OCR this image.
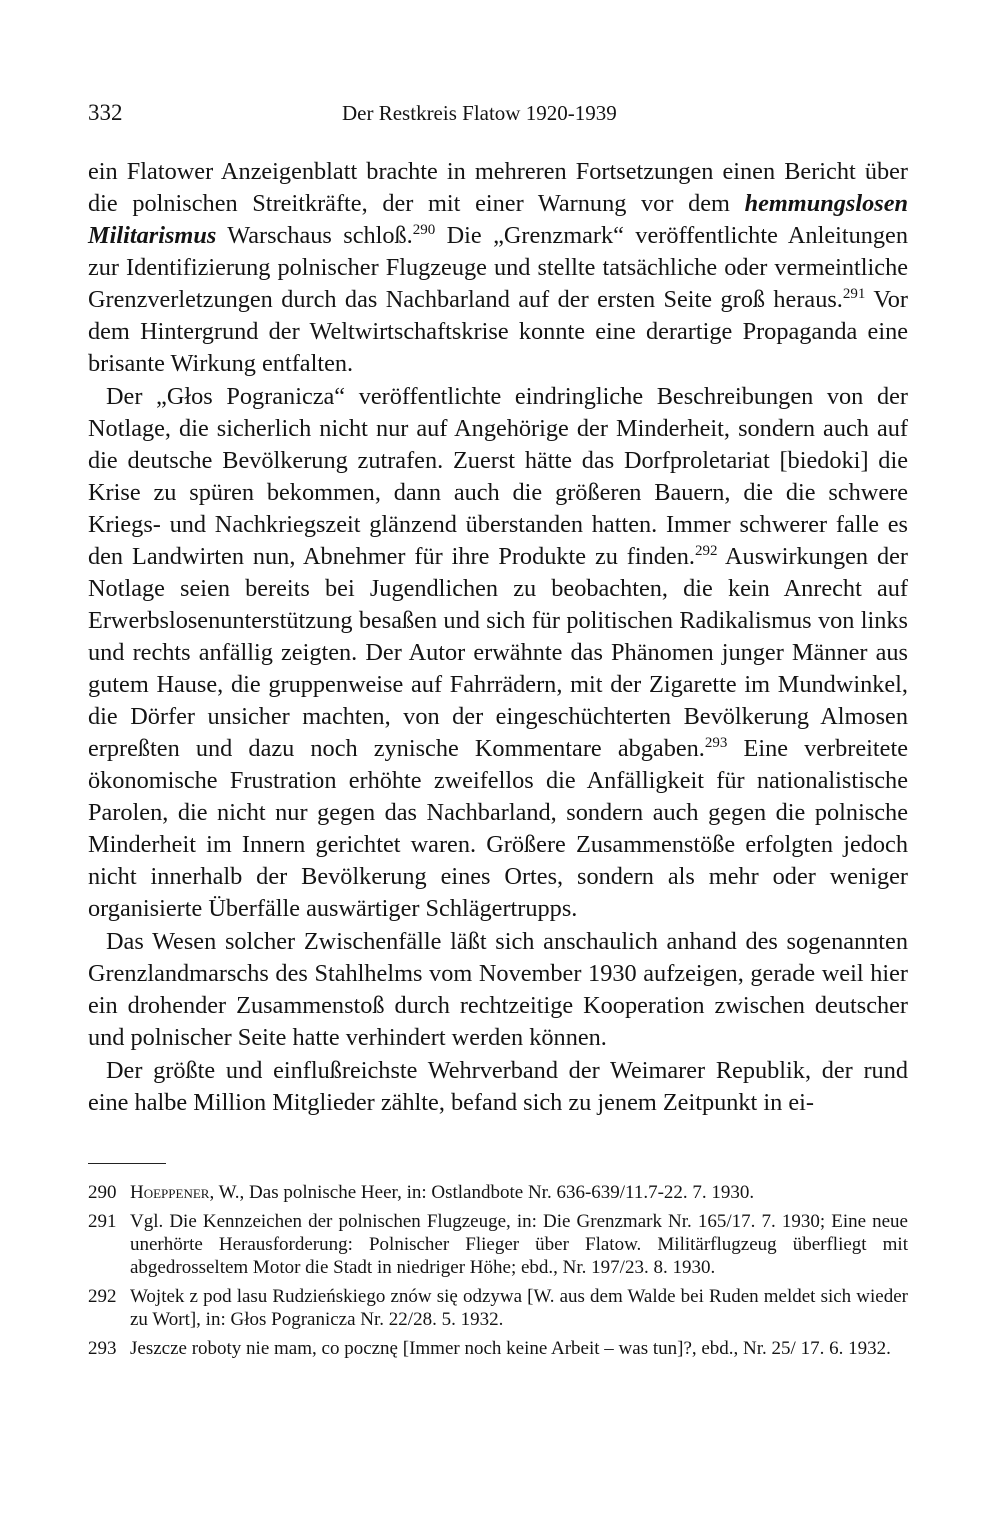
332	Der Restkreis Flatow 1920-1939

ein Flatower Anzeigenblatt brachte in mehreren Fortsetzungen einen Bericht über die polnischen Streitkräfte, der mit einer Warnung vor dem hemmungslosen Militarismus Warschaus schloß.$^{290}$ Die „Grenzmark“ veröffentlichte Anleitungen zur Identifizierung polnischer Flugzeuge und stellte tatsächliche oder vermeintliche Grenzverletzungen durch das Nachbarland auf der ersten Seite groß heraus.$^{291}$ Vor dem Hintergrund der Weltwirtschaftskrise konnte eine derartige Propaganda eine brisante Wirkung entfalten.

Der „Głos Pogranicza“ veröffentlichte eindringliche Beschreibungen von der Notlage, die sicherlich nicht nur auf Angehörige der Minderheit, sondern auch auf die deutsche Bevölkerung zutrafen. Zuerst hätte das Dorfproletariat [biedoki] die Krise zu spüren bekommen, dann auch die größeren Bauern, die die schwere Kriegs- und Nachkriegszeit glänzend überstanden hatten. Immer schwerer falle es den Landwirten nun, Abnehmer für ihre Produkte zu finden.$^{292}$ Auswirkungen der Notlage seien bereits bei Jugendlichen zu beobachten, die kein Anrecht auf Erwerbslosenunterstützung besaßen und sich für politischen Radikalismus von links und rechts anfällig zeigten. Der Autor erwähnte das Phänomen junger Männer aus gutem Hause, die gruppenweise auf Fahrrädern, mit der Zigarette im Mundwinkel, die Dörfer unsicher machten, von der eingeschüchterten Bevölkerung Almosen erpreßten und dazu noch zynische Kommentare abgaben.$^{293}$ Eine verbreitete ökonomische Frustration erhöhte zweifellos die Anfälligkeit für nationalistische Parolen, die nicht nur gegen das Nachbarland, sondern auch gegen die polnische Minderheit im Innern gerichtet waren. Größere Zusammenstöße erfolgten jedoch nicht innerhalb der Bevölkerung eines Ortes, sondern als mehr oder weniger organisierte Überfälle auswärtiger Schlägertrupps.

Das Wesen solcher Zwischenfälle läßt sich anschaulich anhand des sogenannten Grenzlandmarschs des Stahlhelms vom November 1930 aufzeigen, gerade weil hier ein drohender Zusammenstoß durch rechtzeitige Kooperation zwischen deutscher und polnischer Seite hatte verhindert werden können.

Der größte und einflußreichste Wehrverband der Weimarer Republik, der rund eine halbe Million Mitglieder zählte, befand sich zu jenem Zeitpunkt in ei-

290 Hoeppener, W., Das polnische Heer, in: Ostlandbote Nr. 636-639/11.7-22. 7. 1930.
291 Vgl. Die Kennzeichen der polnischen Flugzeuge, in: Die Grenzmark Nr. 165/17. 7. 1930; Eine neue unerhörte Herausforderung: Polnischer Flieger über Flatow. Militärflugzeug überfliegt mit abgedrosseltem Motor die Stadt in niedriger Höhe; ebd., Nr. 197/23. 8. 1930.
292 Wojtek z pod lasu Rudzieńskiego znów się odzywa [W. aus dem Walde bei Ruden meldet sich wieder zu Wort], in: Głos Pogranicza Nr. 22/28. 5. 1932.
293 Jeszcze roboty nie mam, co pocznę [Immer noch keine Arbeit – was tun]?, ebd., Nr. 25/ 17. 6. 1932.
